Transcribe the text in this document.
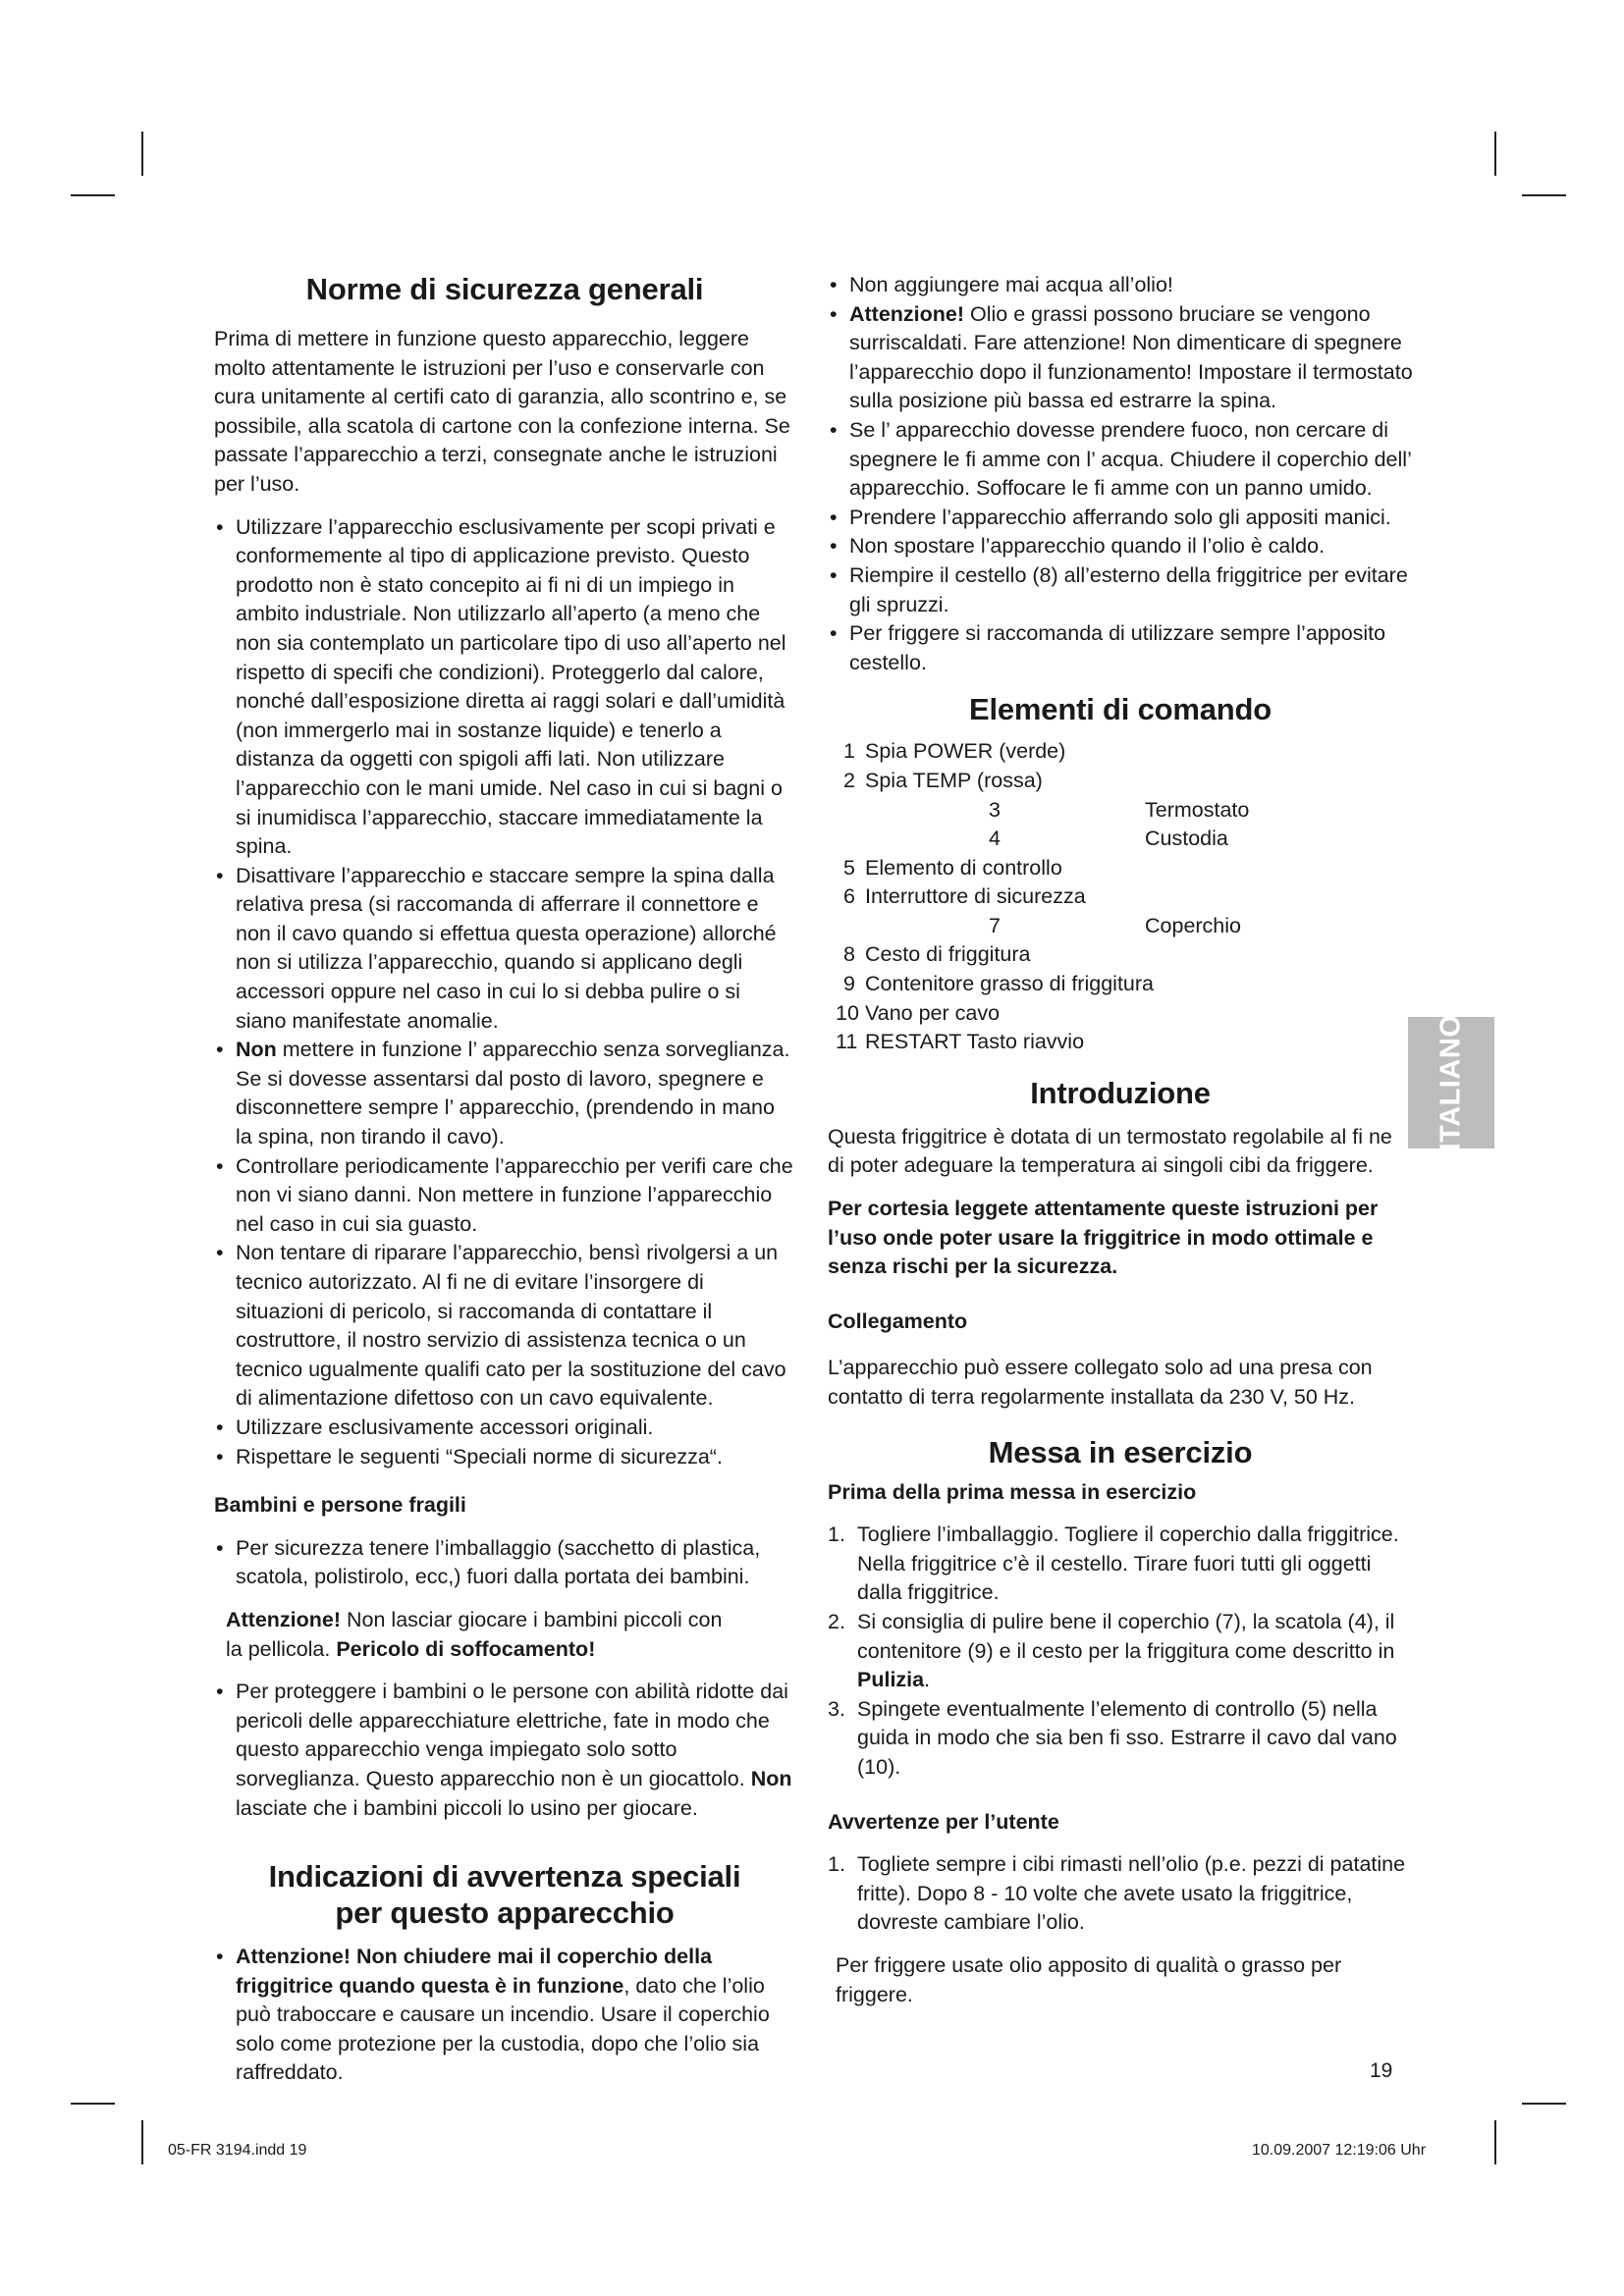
Norme di sicurezza generali

Prima di mettere in funzione questo apparecchio, leggere molto attentamente le istruzioni per l’uso e conservarle con cura unitamente al certifi cato di garanzia, allo scontrino e, se possibile, alla scatola di cartone con la confezione interna. Se passate l’apparecchio a terzi, consegnate anche le istruzioni per l’uso.

• Utilizzare l’apparecchio esclusivamente per scopi privati e conformemente al tipo di applicazione previsto. Questo prodotto non è stato concepito ai fi ni di un impiego in ambito industriale. Non utilizzarlo all’aperto (a meno che non sia contemplato un particolare tipo di uso all’aperto nel rispetto di specifi che condizioni). Proteggerlo dal calore, nonché dall’esposizione diretta ai raggi solari e dall’umidità (non immergerlo mai in sostanze liquide) e tenerlo a distanza da oggetti con spigoli affi lati. Non utilizzare l’apparecchio con le mani umide. Nel caso in cui si bagni o si inumidisca l’apparecchio, staccare immediatamente la spina.
• Disattivare l’apparecchio e staccare sempre la spina dalla relativa presa (si raccomanda di afferrare il connettore e non il cavo quando si effettua questa operazione) allorché non si utilizza l’apparecchio, quando si applicano degli accessori oppure nel caso in cui lo si debba pulire o si siano manifestate anomalie.
• Non mettere in funzione l’ apparecchio senza sorveglianza. Se si dovesse assentarsi dal posto di lavoro, spegnere e disconnettere sempre l’ apparecchio, (prendendo in mano la spina, non tirando il cavo).
• Controllare periodicamente l’apparecchio per verifi care che non vi siano danni. Non mettere in funzione l’apparecchio nel caso in cui sia guasto.
• Non tentare di riparare l’apparecchio, bensì rivolgersi a un tecnico autorizzato. Al fi ne di evitare l’insorgere di situazioni di pericolo, si raccomanda di contattare il costruttore, il nostro servizio di assistenza tecnica o un tecnico ugualmente qualifi cato per la sostituzione del cavo di alimentazione difettoso con un cavo equivalente.
• Utilizzare esclusivamente accessori originali.
• Rispettare le seguenti “Speciali norme di sicurezza“.
Bambini e persone fragili
• Per sicurezza tenere l’imballaggio (sacchetto di plastica, scatola, polistirolo, ecc,) fuori dalla portata dei bambini.

Attenzione! Non lasciar giocare i bambini piccoli con la pellicola. Pericolo di soffocamento!

• Per proteggere i bambini o le persone con abilità ridotte dai pericoli delle apparecchiature elettriche, fate in modo che questo apparecchio venga impiegato solo sotto sorveglianza. Questo apparecchio non è un giocattolo. Non lasciate che i bambini piccoli lo usino per giocare.
Indicazioni di avvertenza speciali
per questo apparecchio
• Attenzione! Non chiudere mai il coperchio della friggitrice quando questa è in funzione, dato che l’olio può traboccare e causare un incendio. Usare il coperchio solo come protezione per la custodia, dopo che l’olio sia raffreddato.
• Non aggiungere mai acqua all’olio!
• Attenzione! Olio e grassi possono bruciare se vengono surriscaldati. Fare attenzione! Non dimenticare di spegnere l’apparecchio dopo il funzionamento! Impostare il termostato sulla posizione più bassa ed estrarre la spina.
• Se l’ apparecchio dovesse prendere fuoco, non cercare di spegnere le fi amme con l’ acqua. Chiudere il coperchio dell’ apparecchio. Soffocare le fi amme con un panno umido.
• Prendere l’apparecchio afferrando solo gli appositi manici.
• Non spostare l’apparecchio quando il l’olio è caldo.
• Riempire il cestello (8) all’esterno della friggitrice per evitare gli spruzzi.
• Per friggere si raccomanda di utilizzare sempre l’apposito cestello.
Elementi di comando
1 Spia POWER (verde)
2 Spia TEMP (rossa)
3	Termostato
4	Custodia
5 Elemento di controllo
6 Interruttore di sicurezza
7	Coperchio
8 Cesto di friggitura
9 Contenitore grasso di friggitura
10 Vano per cavo
11 RESTART Tasto riavvio
Introduzione

Questa friggitrice è dotata di un termostato regolabile al fi ne di poter adeguare la temperatura ai singoli cibi da friggere.

Per cortesia leggete attentamente queste istruzioni per l’uso onde poter usare la friggitrice in modo ottimale e senza rischi per la sicurezza.

Collegamento

L’apparecchio può essere collegato solo ad una presa con contatto di terra regolarmente installata da 230 V, 50 Hz.

Messa in esercizio
Prima della prima messa in esercizio
1. Togliere l’imballaggio. Togliere il coperchio dalla friggitrice. Nella friggitrice c’è il cestello. Tirare fuori tutti gli oggetti dalla friggitrice.
2. Si consiglia di pulire bene il coperchio (7), la scatola (4), il contenitore (9) e il cesto per la friggitura come descritto in Pulizia.
3. Spingete eventualmente l’elemento di controllo (5) nella guida in modo che sia ben fi sso. Estrarre il cavo dal vano (10).
Avvertenze per l’utente
1. Togliete sempre i cibi rimasti nell’olio (p.e. pezzi di patatine fritte). Dopo 8 - 10 volte che avete usato la friggitrice, dovreste cambiare l’olio.

Per friggere usate olio apposito di qualità o grasso per friggere.

ITALIANO
19
05-FR 3194.indd 19	10.09.2007 12:19:06 Uhr
